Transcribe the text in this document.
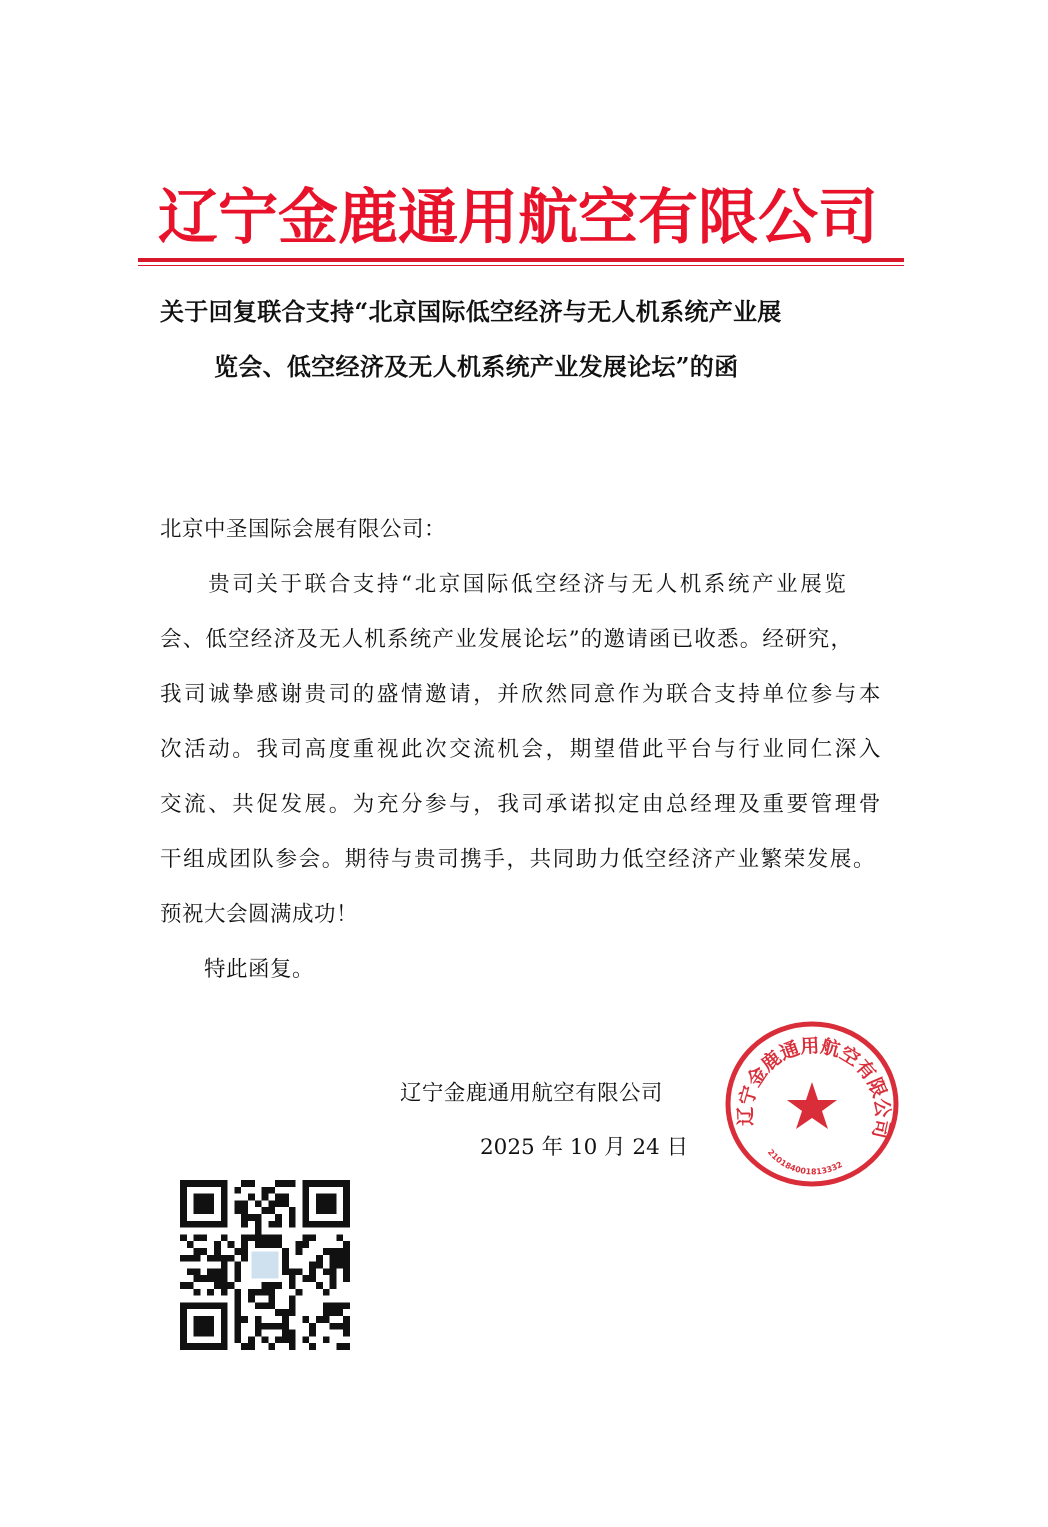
辽宁金鹿通用航空有限公司
关于回复联合支持“北京国际低空经济与无人机系统产业展
览会、低空经济及无人机系统产业发展论坛”的函
北京中圣国际会展有限公司：
　　贵司关于联合支持“北京国际低空经济与无人机系统产业展览
会、低空经济及无人机系统产业发展论坛”的邀请函已收悉。经研究，
我司诚挚感谢贵司的盛情邀请，并欣然同意作为联合支持单位参与本
次活动。我司高度重视此次交流机会，期望借此平台与行业同仁深入
交流、共促发展。为充分参与，我司承诺拟定由总经理及重要管理骨
干组成团队参会。期待与贵司携手，共同助力低空经济产业繁荣发展。
预祝大会圆满成功！
　　特此函复。
辽宁金鹿通用航空有限公司
2025 年 10 月 24 日
辽宁金鹿通用航空有限公司
210184001813332
